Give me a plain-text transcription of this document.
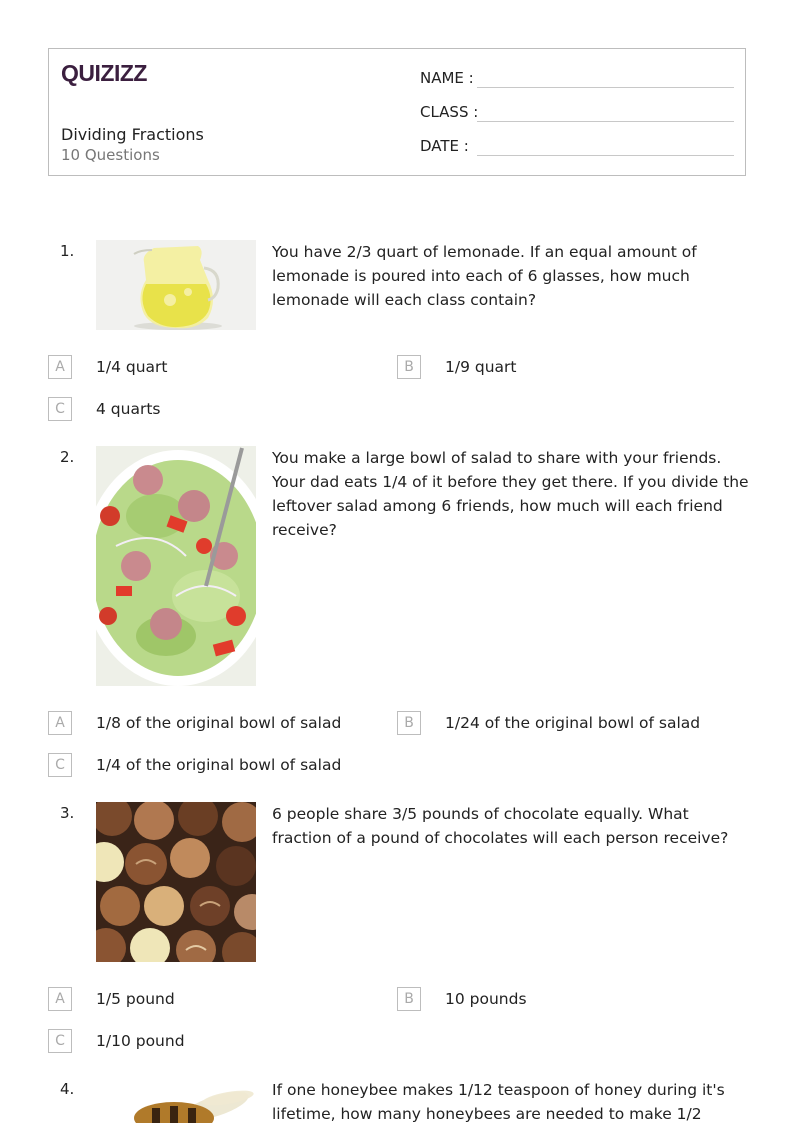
QUIZIZZ
Dividing Fractions
10 Questions
NAME :
CLASS :
DATE :
1.	You have 2/3 quart of lemonade. If an equal amount of lemonade is poured into each of 6 glasses, how much lemonade will each class contain?
A	1/4 quart	B	1/9 quart
C	4 quarts
2.	You make a large bowl of salad to share with your friends. Your dad eats 1/4 of it before they get there. If you divide the leftover salad among 6 friends, how much will each friend receive?
A	1/8 of the original bowl of salad	B	1/24 of the original bowl of salad
C	1/4 of the original bowl of salad
3.	6 people share 3/5 pounds of chocolate equally. What fraction of a pound of chocolates will each person receive?
A	1/5 pound	B	10 pounds
C	1/10 pound
4.	If one honeybee makes 1/12 teaspoon of honey during it's lifetime, how many honeybees are needed to make 1/2
